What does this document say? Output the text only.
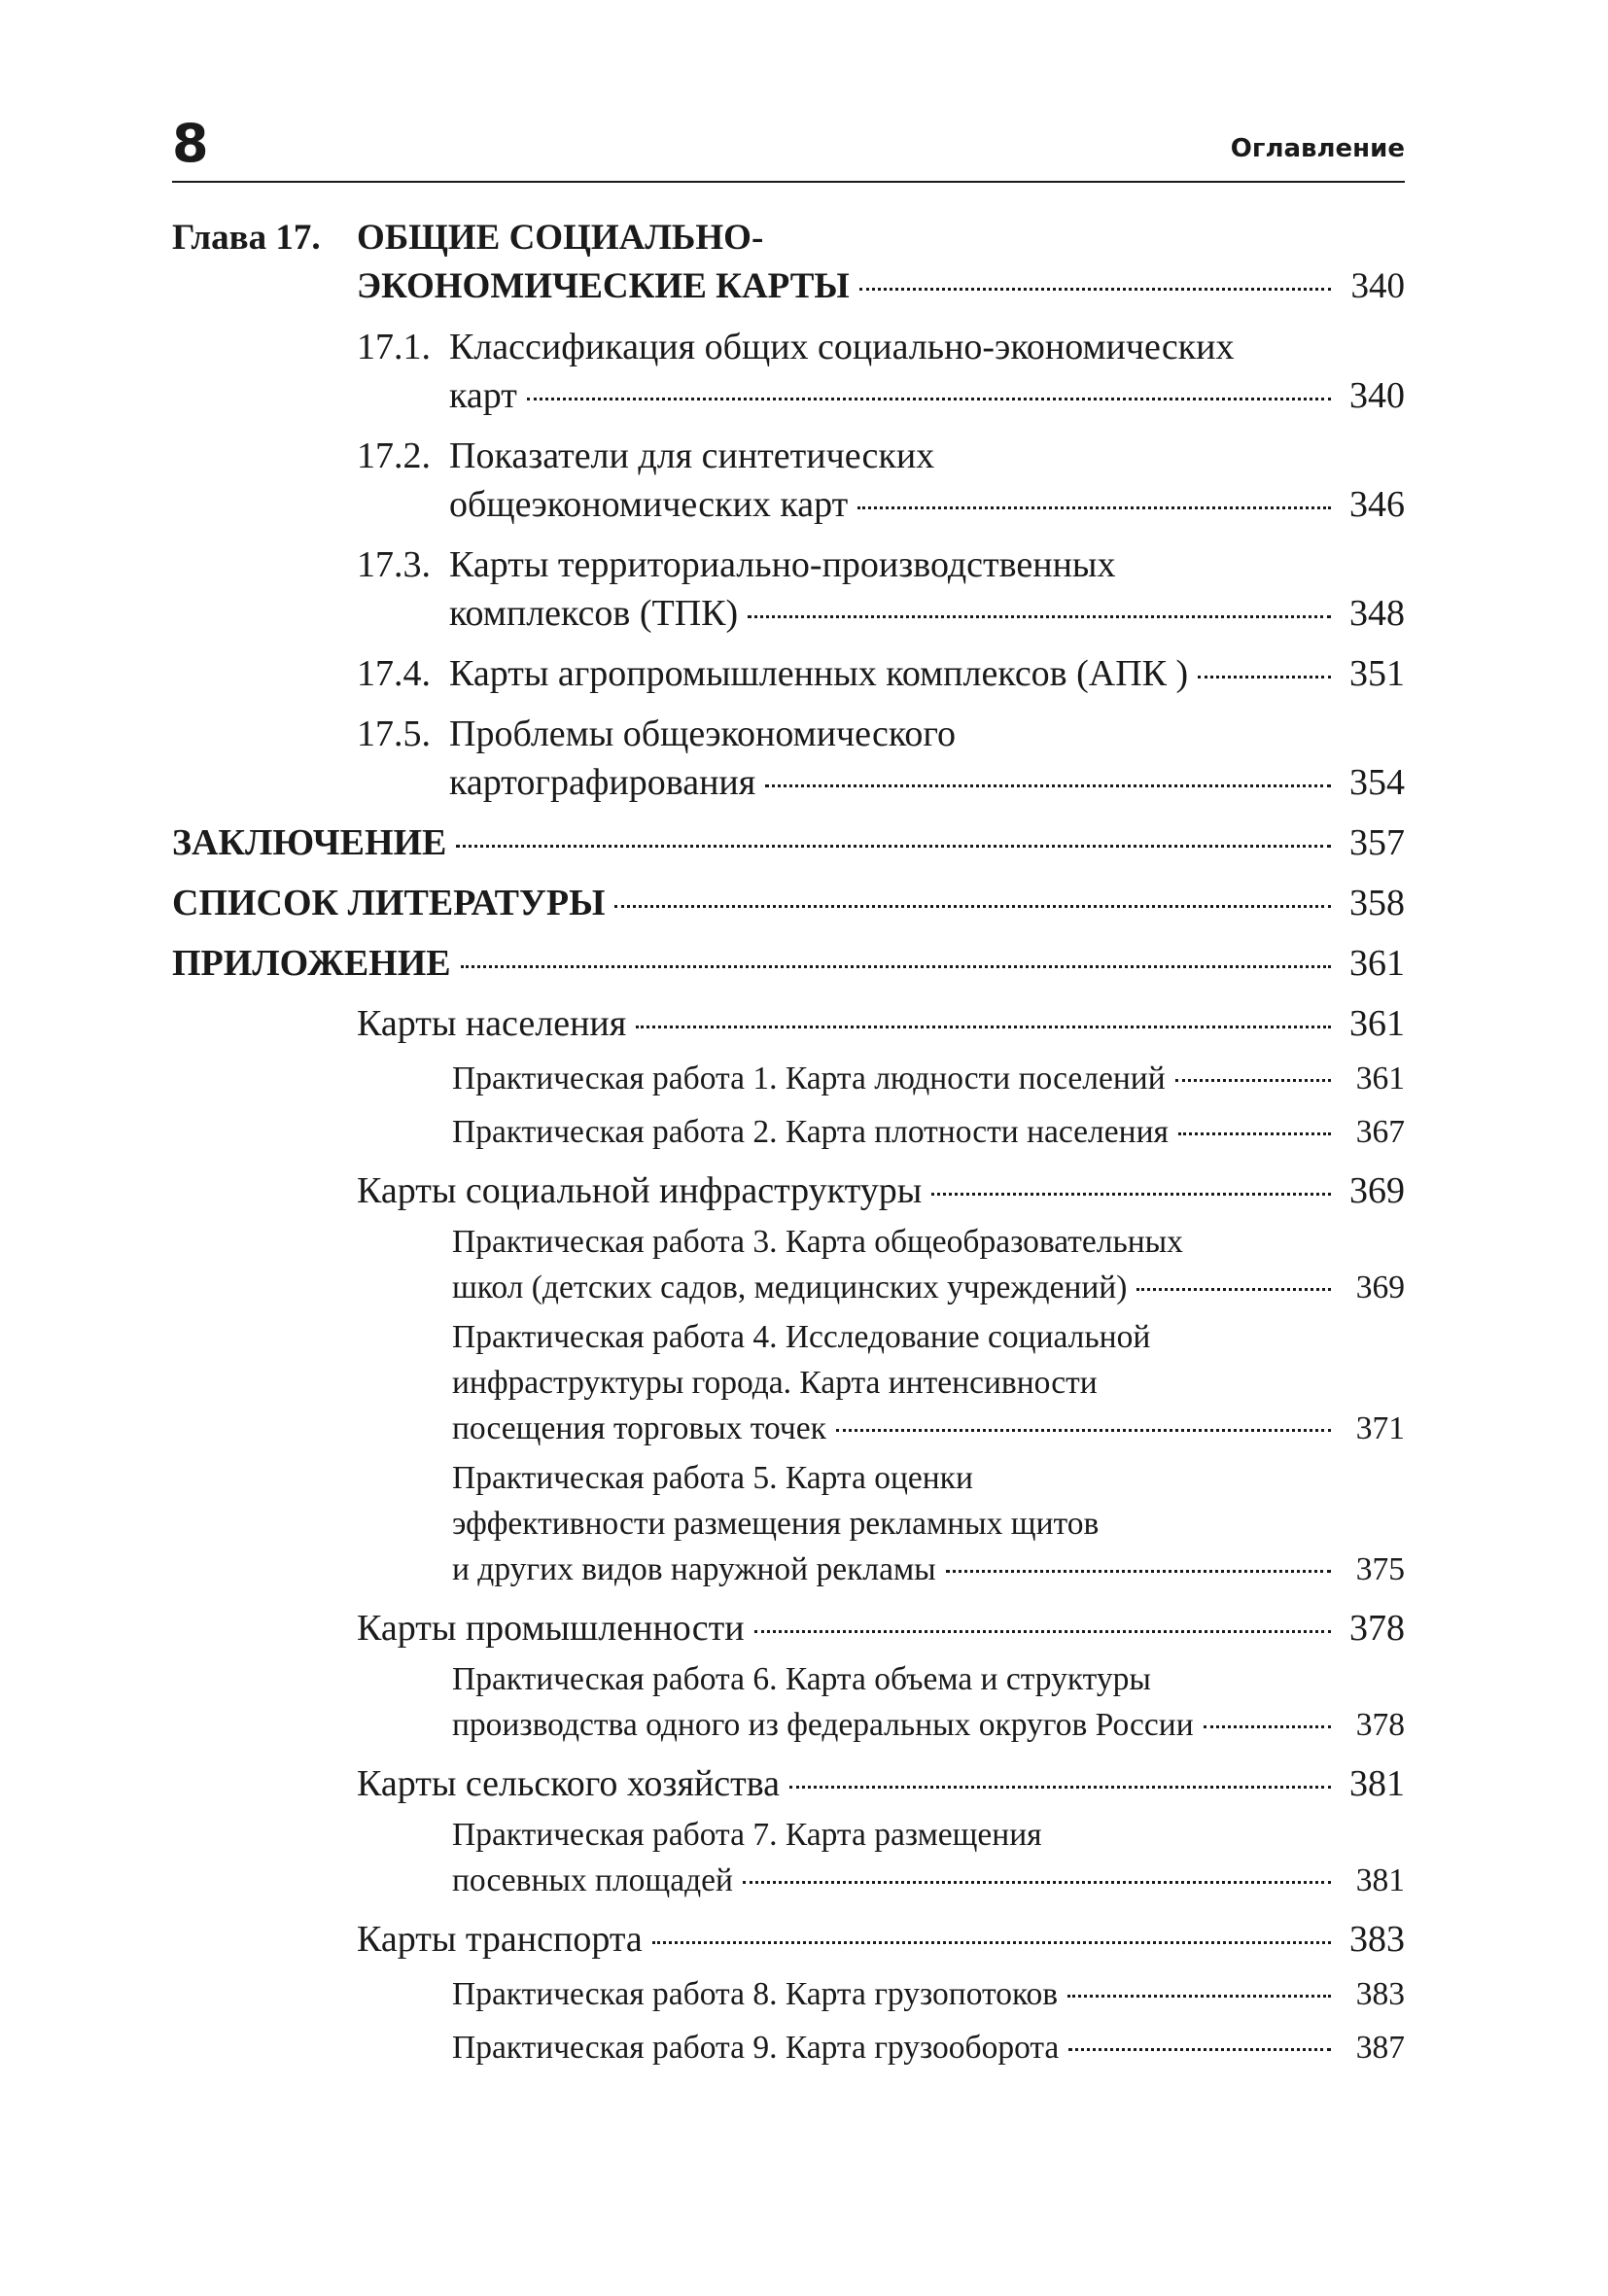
8	Оглавление
Глава 17. ОБЩИЕ СОЦИАЛЬНО-
ЭКОНОМИЧЕСКИЕ КАРТЫ	340
17.1. Классификация общих социально-экономических
карт	340
17.2. Показатели для синтетических
общеэкономических карт	346
17.3. Карты территориально-производственных
комплексов (ТПК)	348
17.4. Карты агропромышленных комплексов (АПК )	351
17.5. Проблемы общеэкономического
картографирования	354
ЗАКЛЮЧЕНИЕ	357
СПИСОК ЛИТЕРАТУРЫ	358
ПРИЛОЖЕНИЕ	361
Карты населения	361
Практическая работа 1. Карта людности поселений	361
Практическая работа 2. Карта плотности населения	367
Карты социальной инфраструктуры	369
Практическая работа 3. Карта общеобразовательных
школ (детских садов, медицинских учреждений)	369
Практическая работа 4. Исследование социальной
инфраструктуры города. Карта интенсивности
посещения торговых точек	371
Практическая работа 5. Карта оценки
эффективности размещения рекламных щитов
и других видов наружной рекламы	375
Карты промышленности	378
Практическая работа 6. Карта объема и структуры
производства одного из федеральных округов России	378
Карты сельского хозяйства	381
Практическая работа 7. Карта размещения
посевных площадей	381
Карты транспорта	383
Практическая работа 8. Карта грузопотоков	383
Практическая работа 9. Карта грузооборота	387
